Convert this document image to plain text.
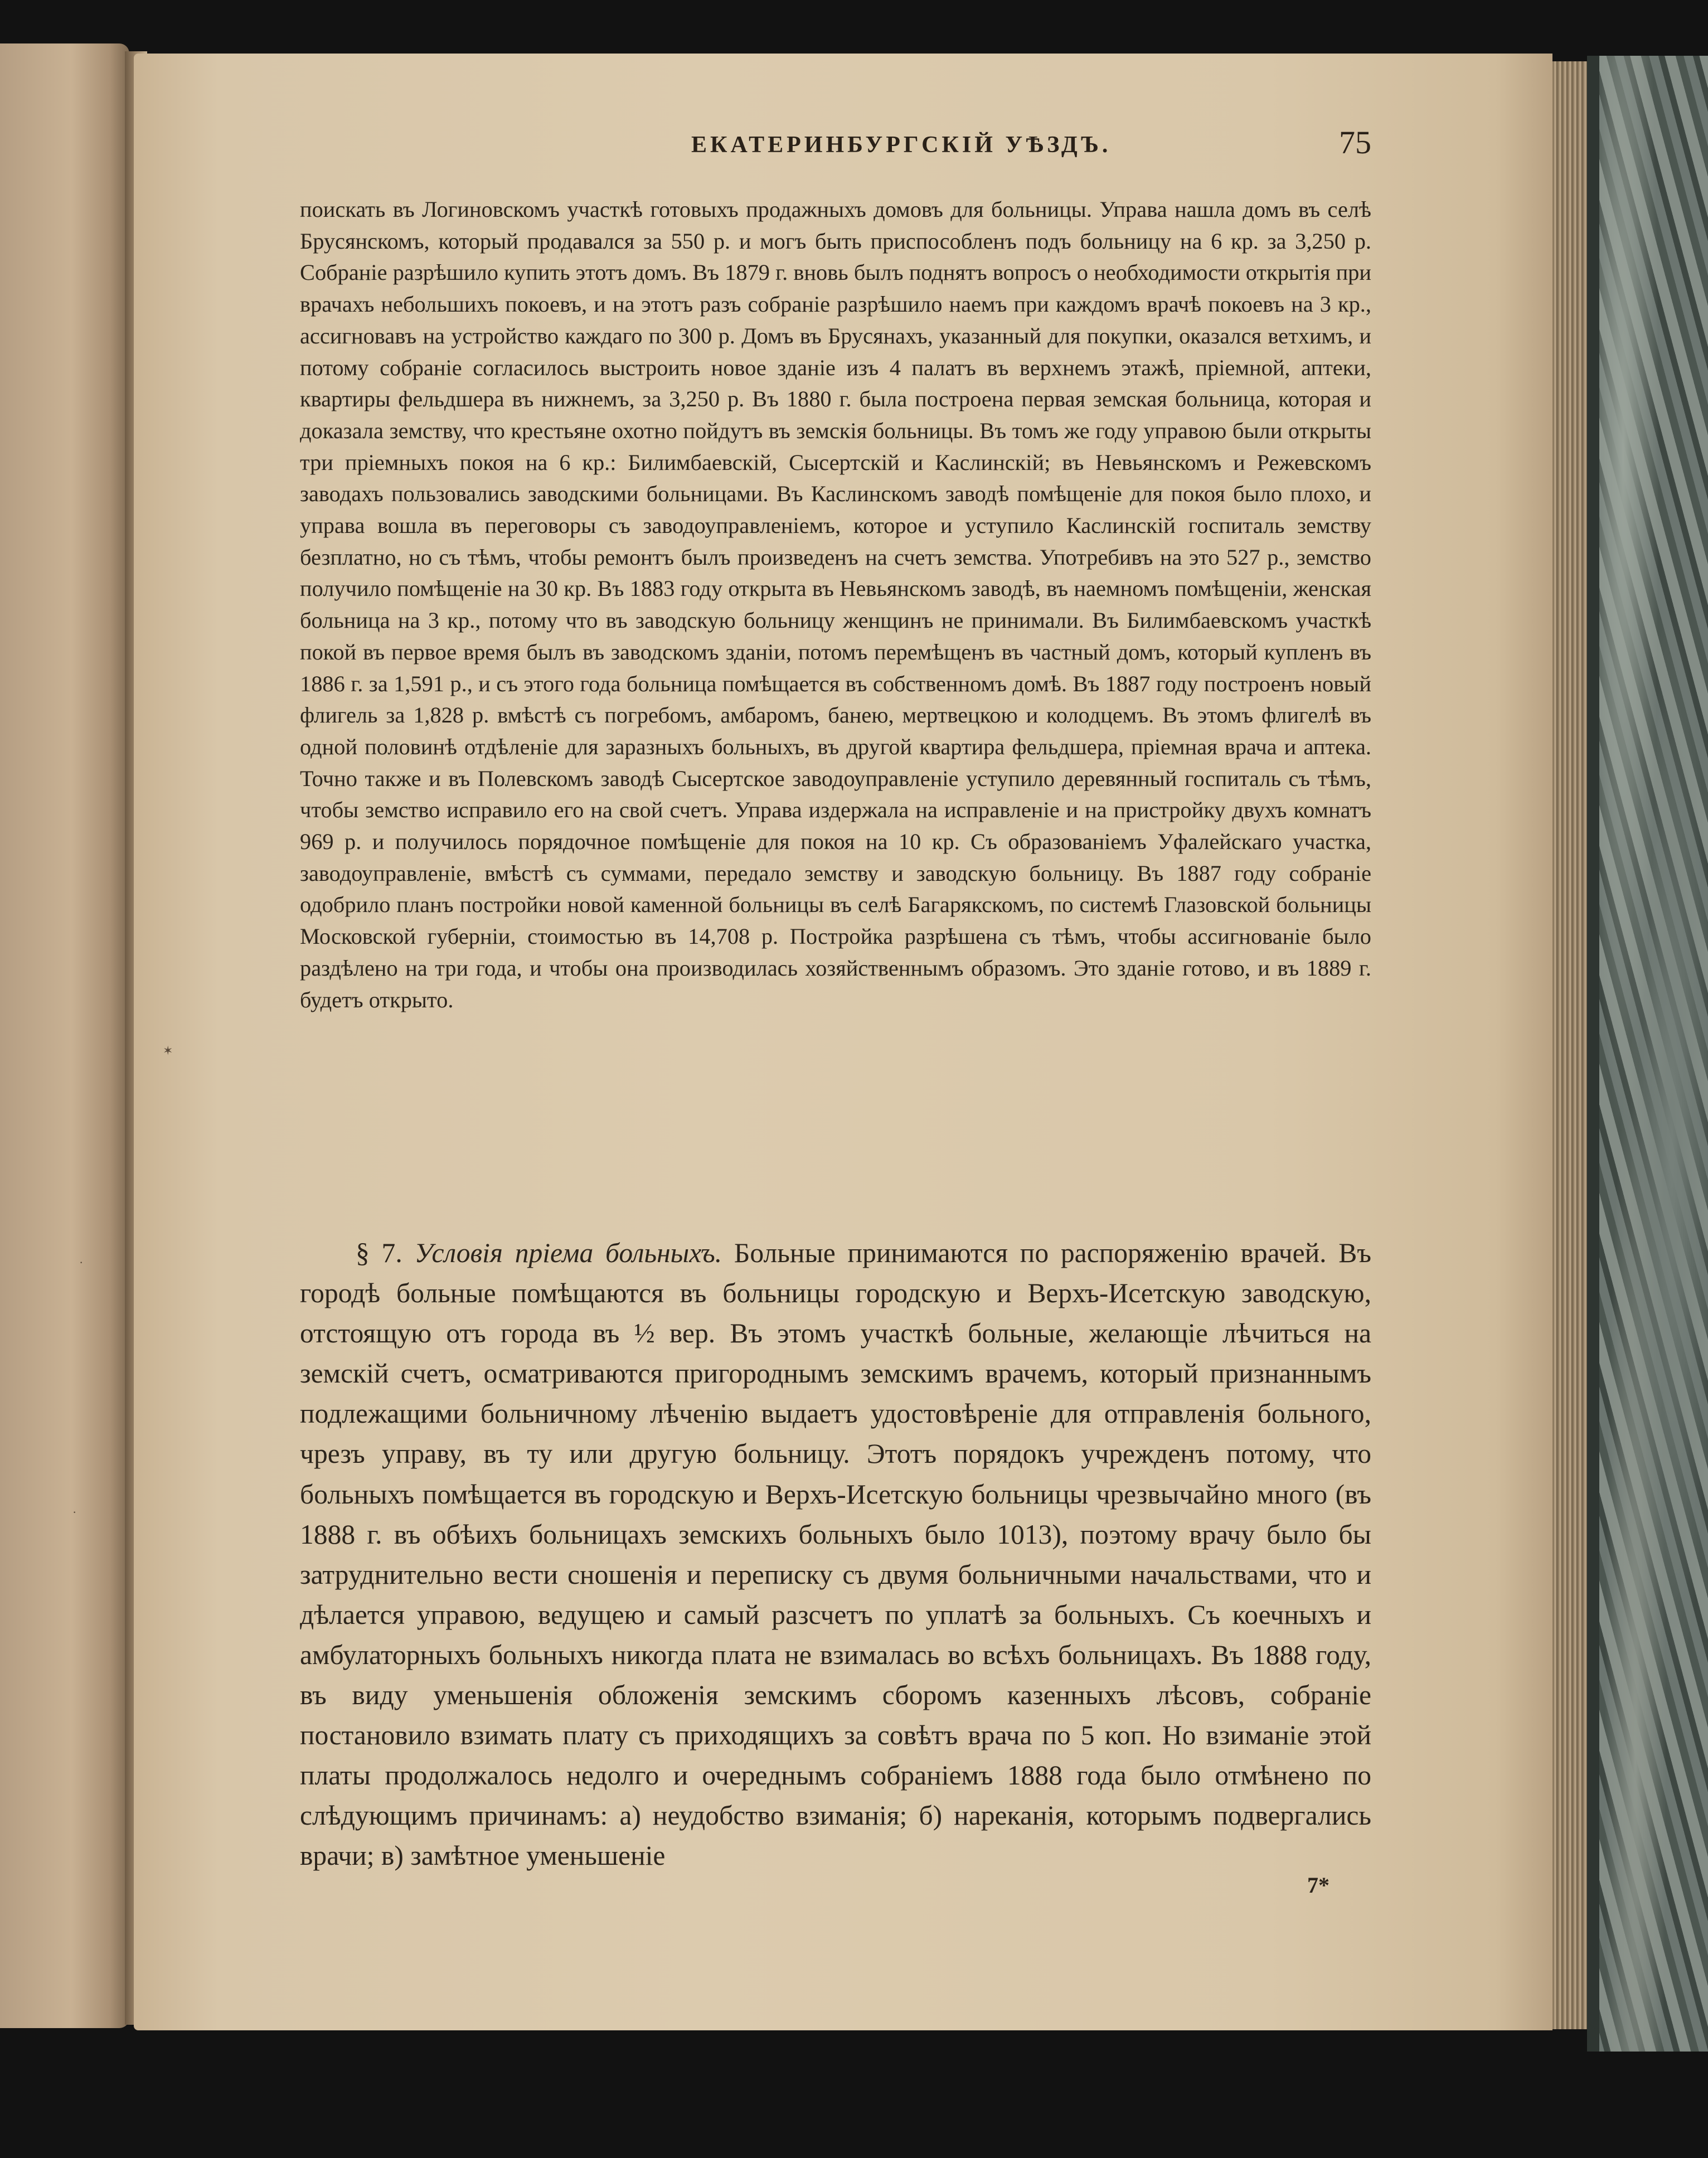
✶
·
·
ЕКАТЕРИНБУРГСКІЙ УѢЗДЪ.	75

поискать въ Логиновскомъ участкѣ готовыхъ продажныхъ домовъ для больницы. Управа нашла домъ въ селѣ Брусянскомъ, который продавался за 550 р. и могъ быть приспособленъ подъ больницу на 6 кр. за 3,250 р. Собраніе разрѣшило купить этотъ домъ. Въ 1879 г. вновь былъ поднятъ вопросъ о необходимости открытія при врачахъ небольшихъ покоевъ, и на этотъ разъ собраніе разрѣшило наемъ при каждомъ врачѣ покоевъ на 3 кр., ассигновавъ на устройство каждаго по 300 р. Домъ въ Брусянахъ, указанный для покупки, оказался ветхимъ, и потому собраніе согласилось выстроить новое зданіе изъ 4 палатъ въ верхнемъ этажѣ, пріемной, аптеки, квартиры фельдшера въ нижнемъ, за 3,250 р. Въ 1880 г. была построена первая земская больница, которая и доказала земству, что крестьяне охотно пойдутъ въ земскія больницы. Въ томъ же году управою были открыты три пріемныхъ покоя на 6 кр.: Билимбаевскій, Сысертскій и Каслинскій; въ Невьянскомъ и Режевскомъ заводахъ пользовались заводскими больницами. Въ Каслинскомъ заводѣ помѣщеніе для покоя было плохо, и управа вошла въ переговоры съ заводоуправленіемъ, которое и уступило Каслинскій госпиталь земству безплатно, но съ тѣмъ, чтобы ремонтъ былъ произведенъ на счетъ земства. Употребивъ на это 527 р., земство получило помѣщеніе на 30 кр. Въ 1883 году открыта въ Невьянскомъ заводѣ, въ наемномъ помѣщеніи, женская больница на 3 кр., потому что въ заводскую больницу женщинъ не принимали. Въ Билимбаевскомъ участкѣ покой въ первое время былъ въ заводскомъ зданіи, потомъ перемѣщенъ въ частный домъ, который купленъ въ 1886 г. за 1,591 р., и съ этого года больница помѣщается въ собственномъ домѣ. Въ 1887 году построенъ новый флигель за 1,828 р. вмѣстѣ съ погребомъ, амбаромъ, банею, мертвецкою и колодцемъ. Въ этомъ флигелѣ въ одной половинѣ отдѣленіе для заразныхъ больныхъ, въ другой квартира фельдшера, пріемная врача и аптека. Точно также и въ Полевскомъ заводѣ Сысертское заводоуправленіе уступило деревянный госпиталь съ тѣмъ, чтобы земство исправило его на свой счетъ. Управа издержала на исправленіе и на пристройку двухъ комнатъ 969 р. и получилось порядочное помѣщеніе для покоя на 10 кр. Съ образованіемъ Уфалейскаго участка, заводоуправленіе, вмѣстѣ съ суммами, передало земству и заводскую больницу. Въ 1887 году собраніе одобрило планъ постройки новой каменной больницы въ селѣ Багарякскомъ, по системѣ Глазовской больницы Московской губерніи, стоимостью въ 14,708 р. Постройка разрѣшена съ тѣмъ, чтобы ассигнованіе было раздѣлено на три года, и чтобы она производилась хозяйственнымъ образомъ. Это зданіе готово, и въ 1889 г. будетъ открыто.

§ 7. Условія пріема больныхъ. Больные принимаются по распоряженію врачей. Въ городѣ больные помѣщаются въ больницы городскую и Верхъ-Исетскую заводскую, отстоящую отъ города въ ½ вер. Въ этомъ участкѣ больные, желающіе лѣчиться на земскій счетъ, осматриваются пригороднымъ земскимъ врачемъ, который признаннымъ подлежащими больничному лѣченію выдаетъ удостовѣреніе для отправленія больного, чрезъ управу, въ ту или другую больницу. Этотъ порядокъ учрежденъ потому, что больныхъ помѣщается въ городскую и Верхъ-Исетскую больницы чрезвычайно много (въ 1888 г. въ обѣихъ больницахъ земскихъ больныхъ было 1013), поэтому врачу было бы затруднительно вести сношенія и переписку съ двумя больничными начальствами, что и дѣлается управою, ведущею и самый разсчетъ по уплатѣ за больныхъ. Съ коечныхъ и амбулаторныхъ больныхъ никогда плата не взималась во всѣхъ больницахъ. Въ 1888 году, въ виду уменьшенія обложенія земскимъ сборомъ казенныхъ лѣсовъ, собраніе постановило взимать плату съ приходящихъ за совѣтъ врача по 5 коп. Но взиманіе этой платы продолжалось недолго и очереднымъ собраніемъ 1888 года было отмѣнено по слѣдующимъ причинамъ: а) неудобство взиманія; б) нареканія, которымъ подвергались врачи; в) замѣтное уменьшеніе

7*
